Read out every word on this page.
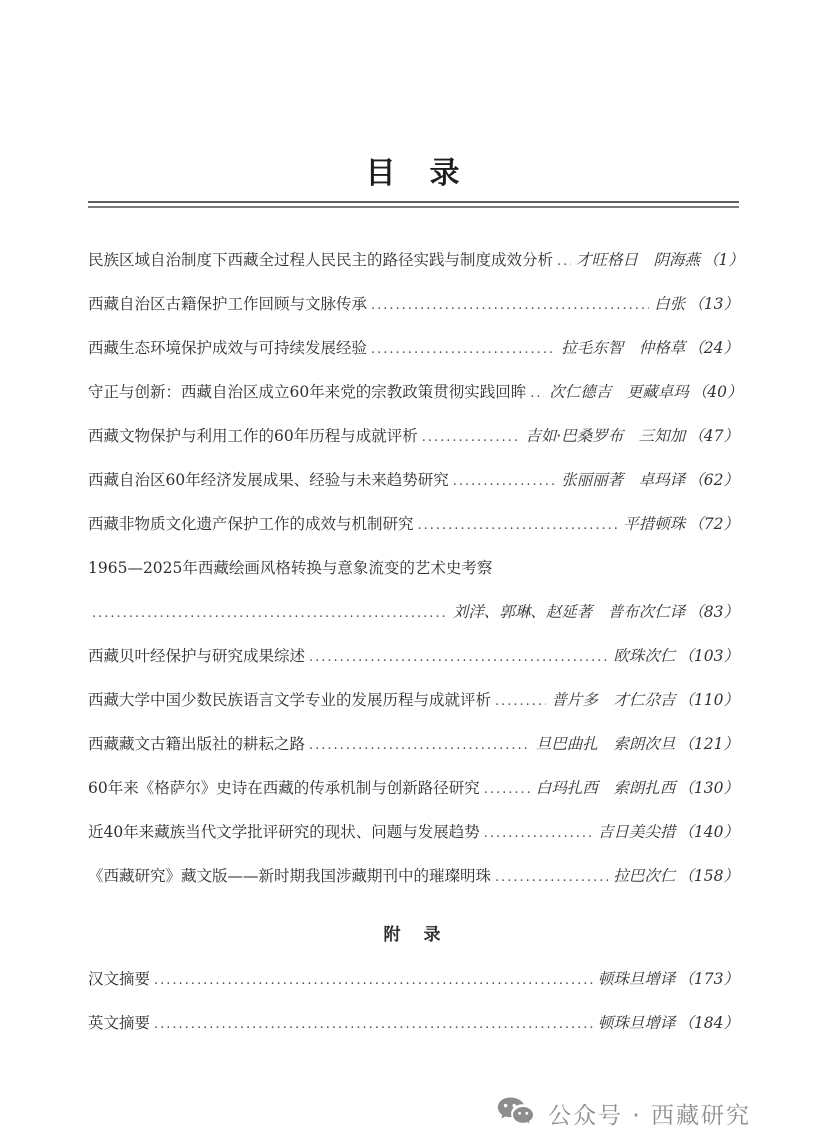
目　录
民族区域自治制度下西藏全过程人民民主的路径实践与制度成效分析 ..... 才旺格日　阴海燕 （1）
西藏自治区古籍保护工作回顾与文脉传承 .....	白张 （13）
西藏生态环境保护成效与可持续发展经验 .....	拉毛东智　仲格草 （24）
守正与创新：西藏自治区成立60年来党的宗教政策贯彻实践回眸 ..... 次仁德吉　更藏卓玛 （40）
西藏文物保护与利用工作的60年历程与成就评析 .....	吉如·巴桑罗布　三知加 （47）
西藏自治区60年经济发展成果、经验与未来趋势研究 .....	张丽丽著　卓玛译 （62）
西藏非物质文化遗产保护工作的成效与机制研究 .....	平措顿珠 （72）
1965—2025年西藏绘画风格转换与意象流变的艺术史考察
.....
刘洋、郭琳、赵延著　普布次仁译 （83）
西藏贝叶经保护与研究成果综述 .....	欧珠次仁 （103）
西藏大学中国少数民族语言文学专业的发展历程与成就评析 .....	普片多　才仁尕吉 （110）
西藏藏文古籍出版社的耕耘之路 .....	旦巴曲扎　索朗次旦 （121）
60年来《格萨尔》史诗在西藏的传承机制与创新路径研究 .....	白玛扎西　索朗扎西 （130）
近40年来藏族当代文学批评研究的现状、问题与发展趋势 .....	吉日美尖措 （140）
《西藏研究》藏文版——新时期我国涉藏期刊中的璀璨明珠 .....	拉巴次仁 （158）
附　录
汉文摘要 .....	顿珠旦增译 （173）
英文摘要 .....	顿珠旦增译 （184）
公众号 · 西藏研究
